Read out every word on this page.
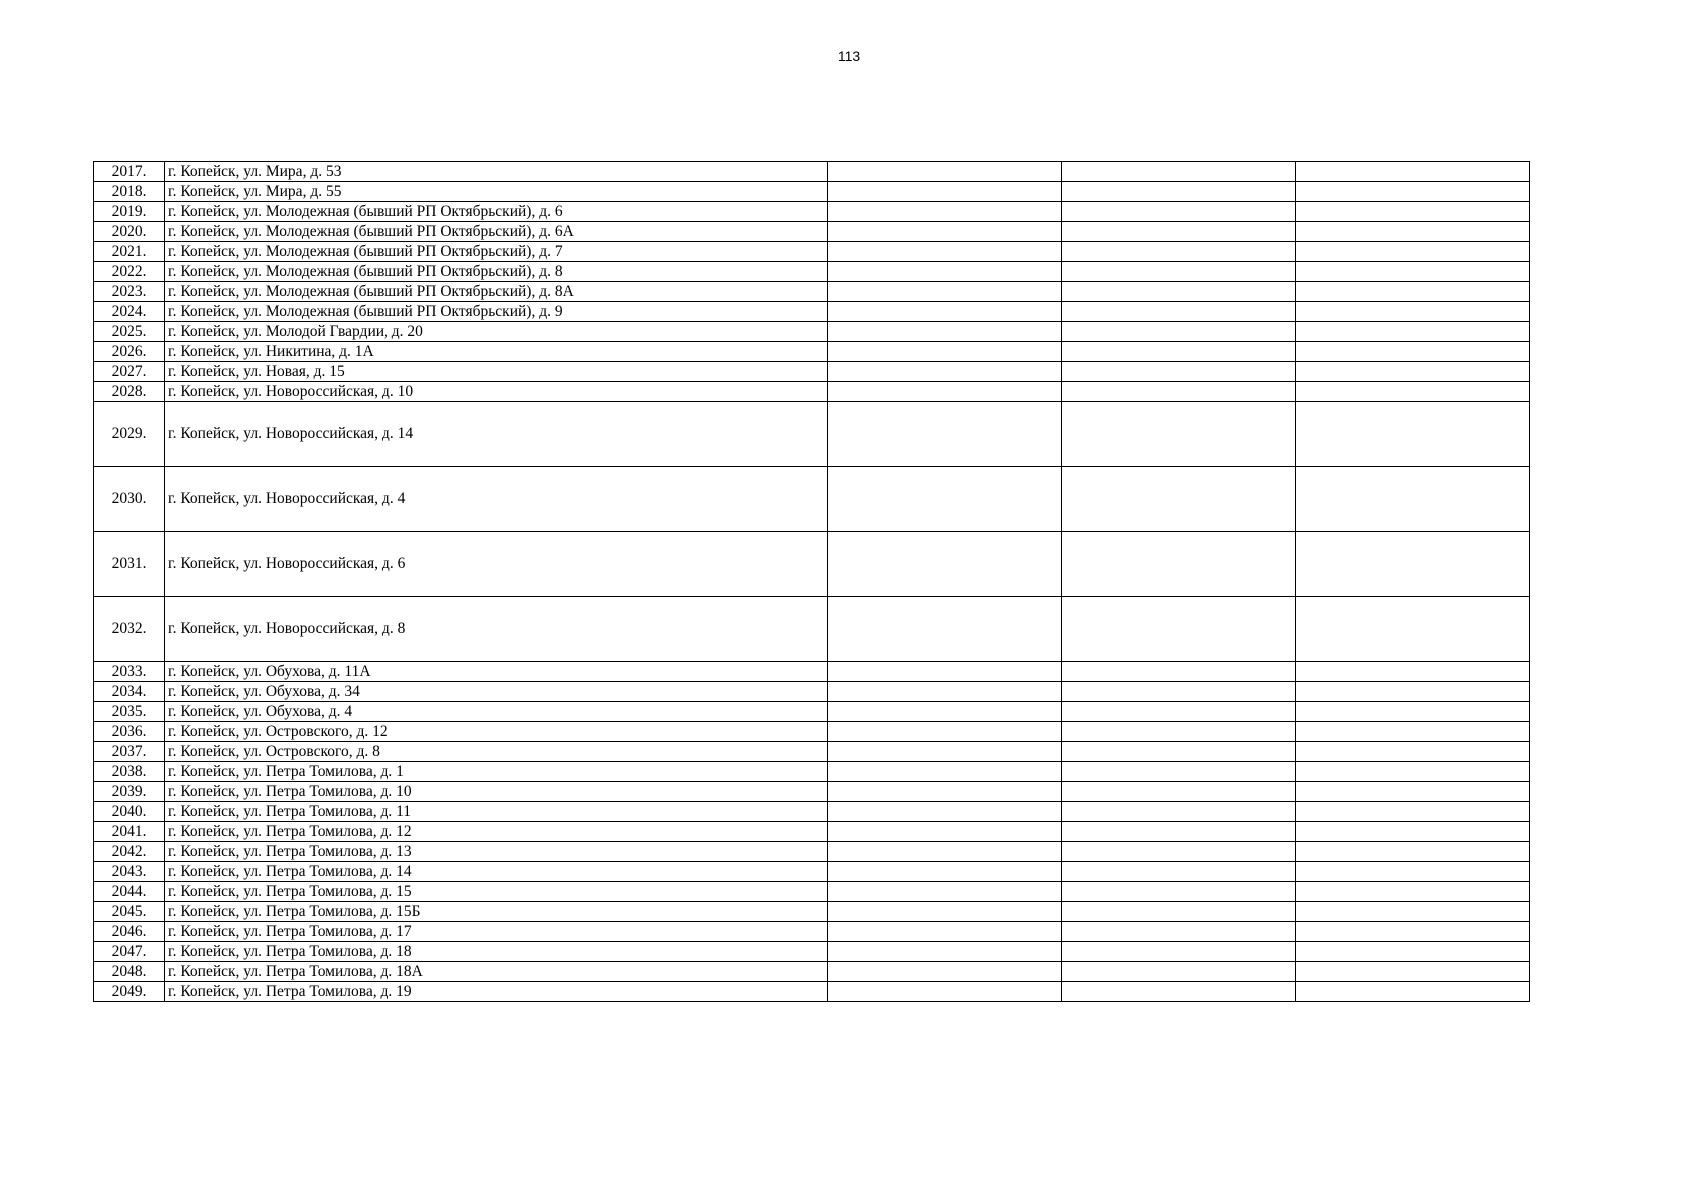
113
2017.	г. Копейск, ул. Мира, д. 53			
2018.	г. Копейск, ул. Мира, д. 55			
2019.	г. Копейск, ул. Молодежная (бывший РП Октябрьский), д. 6			
2020.	г. Копейск, ул. Молодежная (бывший РП Октябрьский), д. 6А			
2021.	г. Копейск, ул. Молодежная (бывший РП Октябрьский), д. 7			
2022.	г. Копейск, ул. Молодежная (бывший РП Октябрьский), д. 8			
2023.	г. Копейск, ул. Молодежная (бывший РП Октябрьский), д. 8А			
2024.	г. Копейск, ул. Молодежная (бывший РП Октябрьский), д. 9			
2025.	г. Копейск, ул. Молодой Гвардии, д. 20			
2026.	г. Копейск, ул. Никитина, д. 1А			
2027.	г. Копейск, ул. Новая, д. 15			
2028.	г. Копейск, ул. Новороссийская, д. 10			
2029.	г. Копейск, ул. Новороссийская, д. 14			
2030.	г. Копейск, ул. Новороссийская, д. 4			
2031.	г. Копейск, ул. Новороссийская, д. 6			
2032.	г. Копейск, ул. Новороссийская, д. 8			
2033.	г. Копейск, ул. Обухова, д. 11А			
2034.	г. Копейск, ул. Обухова, д. 34			
2035.	г. Копейск, ул. Обухова, д. 4			
2036.	г. Копейск, ул. Островского, д. 12			
2037.	г. Копейск, ул. Островского, д. 8			
2038.	г. Копейск, ул. Петра Томилова, д. 1			
2039.	г. Копейск, ул. Петра Томилова, д. 10			
2040.	г. Копейск, ул. Петра Томилова, д. 11			
2041.	г. Копейск, ул. Петра Томилова, д. 12			
2042.	г. Копейск, ул. Петра Томилова, д. 13			
2043.	г. Копейск, ул. Петра Томилова, д. 14			
2044.	г. Копейск, ул. Петра Томилова, д. 15			
2045.	г. Копейск, ул. Петра Томилова, д. 15Б			
2046.	г. Копейск, ул. Петра Томилова, д. 17			
2047.	г. Копейск, ул. Петра Томилова, д. 18			
2048.	г. Копейск, ул. Петра Томилова, д. 18А			
2049.	г. Копейск, ул. Петра Томилова, д. 19			
